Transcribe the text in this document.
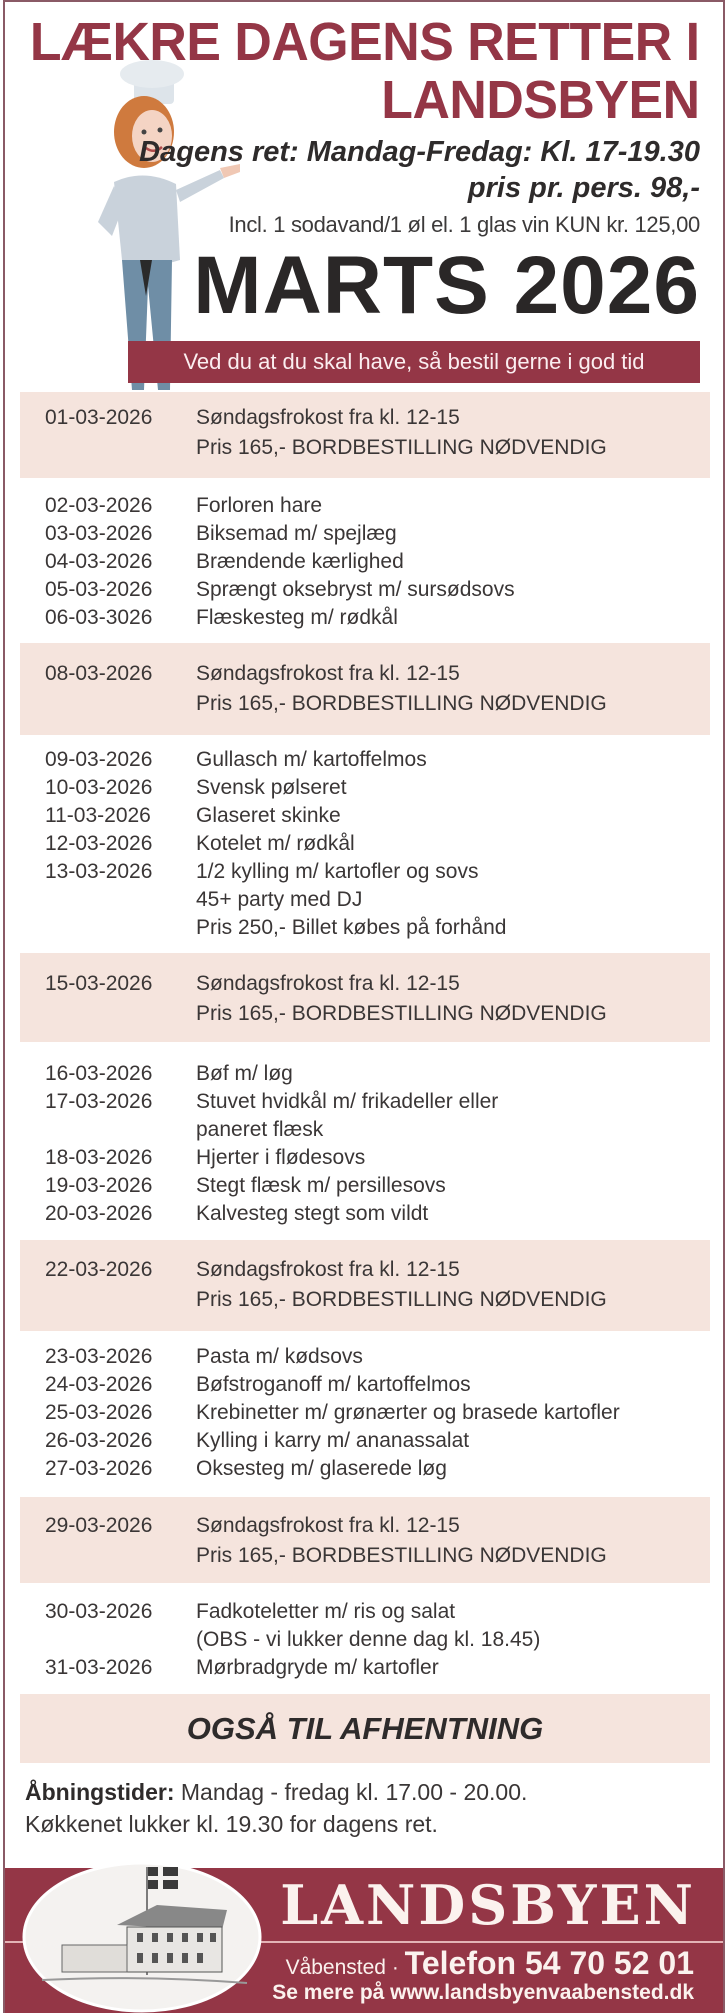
LÆKRE DAGENS RETTER I
LANDSBYEN
Dagens ret: Mandag-Fredag: Kl. 17-19.30
pris pr. pers. 98,-
Incl. 1 sodavand/1 øl el. 1 glas vin KUN kr. 125,00
MARTS 2026
Ved du at du skal have, så bestil gerne i god tid
01-03-2026 Søndagsfrokost fra kl. 12-15
Pris 165,- BORDBESTILLING NØDVENDIG
02-03-2026 Forloren hare
03-03-2026 Biksemad m/ spejlæg
04-03-2026 Brændende kærlighed
05-03-2026 Sprængt oksebryst m/ sursødsovs
06-03-3026 Flæskesteg m/ rødkål
08-03-2026 Søndagsfrokost fra kl. 12-15
Pris 165,- BORDBESTILLING NØDVENDIG
09-03-2026 Gullasch m/ kartoffelmos
10-03-2026 Svensk pølseret
11-03-2026 Glaseret skinke
12-03-2026 Kotelet m/ rødkål
13-03-2026 1/2 kylling m/ kartofler og sovs
45+ party med DJ
Pris 250,- Billet købes på forhånd
15-03-2026 Søndagsfrokost fra kl. 12-15
Pris 165,- BORDBESTILLING NØDVENDIG
16-03-2026 Bøf m/ løg
17-03-2026 Stuvet hvidkål m/ frikadeller eller
paneret flæsk
18-03-2026 Hjerter i flødesovs
19-03-2026 Stegt flæsk m/ persillesovs
20-03-2026 Kalvesteg stegt som vildt
22-03-2026 Søndagsfrokost fra kl. 12-15
Pris 165,- BORDBESTILLING NØDVENDIG
23-03-2026 Pasta m/ kødsovs
24-03-2026 Bøfstroganoff m/ kartoffelmos
25-03-2026 Krebinetter m/ grønærter og brasede kartofler
26-03-2026 Kylling i karry m/ ananassalat
27-03-2026 Oksesteg m/ glaserede løg
29-03-2026 Søndagsfrokost fra kl. 12-15
Pris 165,- BORDBESTILLING NØDVENDIG
30-03-2026 Fadkoteletter m/ ris og salat
(OBS - vi lukker denne dag kl. 18.45)
31-03-2026 Mørbradgryde m/ kartofler
OGSÅ TIL AFHENTNING
Åbningstider: Mandag - fredag kl. 17.00 - 20.00.
Køkkenet lukker kl. 19.30 for dagens ret.
LANDSBYEN
Våbensted · Telefon 54 70 52 01
Se mere på www.landsbyenvaabensted.dk
